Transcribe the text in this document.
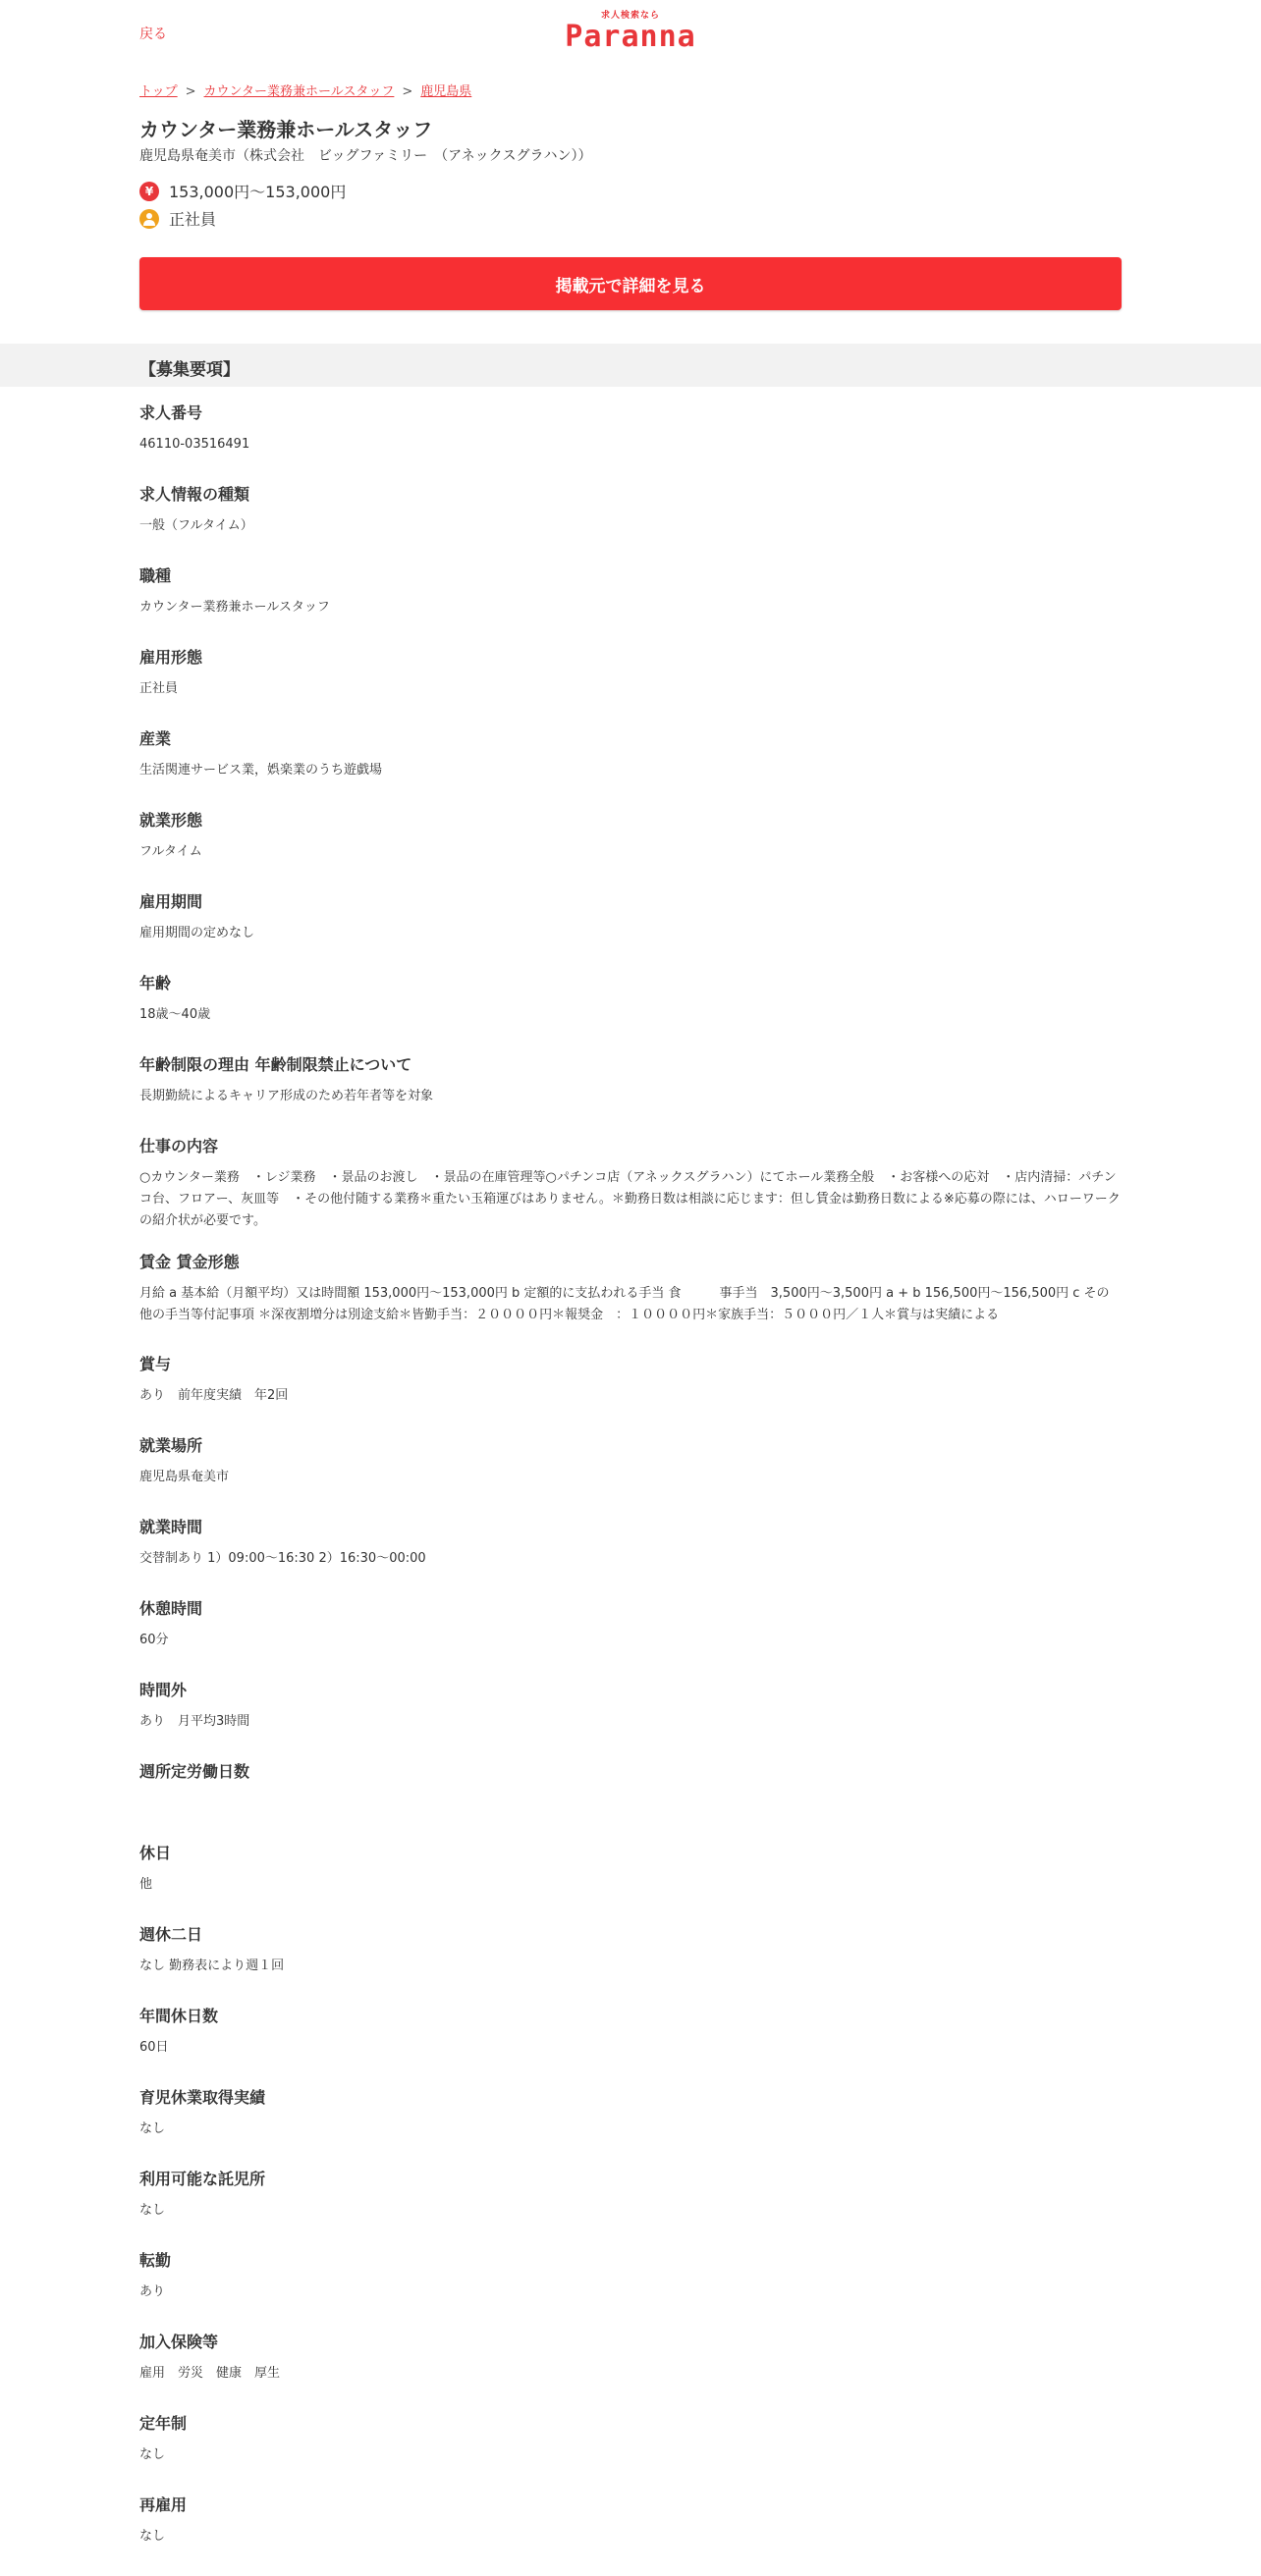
戻る
求人検索なら
Paranna
トップ > カウンター業務兼ホールスタッフ > 鹿児島県
カウンター業務兼ホールスタッフ
鹿児島県奄美市（株式会社　ビッグファミリー　（アネックスグラハン））
¥ 153,000円～153,000円
正社員
掲載元で詳細を見る
【募集要項】
求人番号
46110-03516491
求人情報の種類
一般（フルタイム）
職種
カウンター業務兼ホールスタッフ
雇用形態
正社員
産業
生活関連サービス業，娯楽業のうち遊戯場
就業形態
フルタイム
雇用期間
雇用期間の定めなし
年齢
18歳～40歳
年齢制限の理由 年齢制限禁止について
長期勤続によるキャリア形成のため若年者等を対象
仕事の内容
○カウンター業務　・レジ業務　・景品のお渡し　・景品の在庫管理等○パチンコ店（アネックスグラハン）にてホール業務全般　・お客様への応対　・店内清掃：パチンコ台、フロアー、灰皿等　・その他付随する業務＊重たい玉箱運びはありません。＊勤務日数は相談に応じます：但し賃金は勤務日数による※応募の際には、ハローワークの紹介状が必要です。
賃金 賃金形態
月給 a 基本給（月額平均）又は時間額 153,000円～153,000円 b 定額的に支払われる手当 食　　　事手当　3,500円～3,500円 a + b 156,500円～156,500円 c その他の手当等付記事項 ＊深夜割増分は別途支給＊皆勤手当：２００００円＊報奨金　：１００００円＊家族手当：５０００円／１人＊賞与は実績による
賞与
あり　前年度実績　年2回
就業場所
鹿児島県奄美市
就業時間
交替制あり 1）09:00～16:30 2）16:30～00:00
休憩時間
60分
時間外
あり　月平均3時間
週所定労働日数
休日
他
週休二日
なし 勤務表により週１回
年間休日数
60日
育児休業取得実績
なし
利用可能な託児所
なし
転勤
あり
加入保険等
雇用　労災　健康　厚生
定年制
なし
再雇用
なし
